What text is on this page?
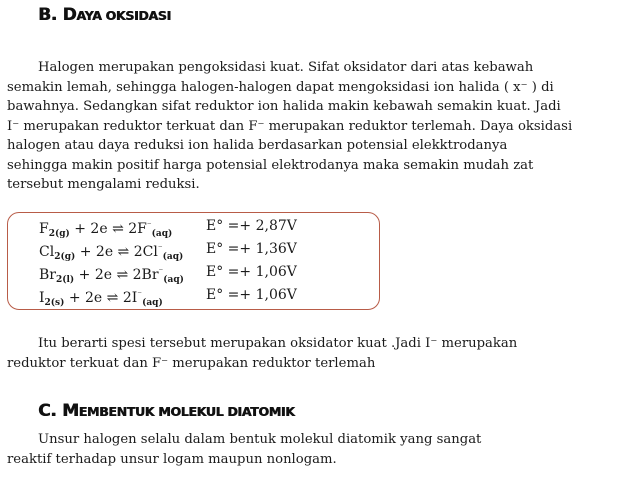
B. DAYA OKSIDASI
Halogen merupakan pengoksidasi kuat. Sifat oksidator dari atas kebawah
semakin lemah, sehingga halogen-halogen dapat mengoksidasi ion halida ( x⁻ ) di
bawahnya. Sedangkan sifat reduktor ion halida makin kebawah semakin kuat. Jadi
I⁻ merupakan reduktor terkuat dan F⁻ merupakan reduktor terlemah. Daya oksidasi
halogen atau daya reduksi ion halida berdasarkan potensial elekktrodanya
sehingga makin positif harga potensial elektrodanya maka semakin mudah zat
tersebut mengalami reduksi.
$F_{2(g)} + 2e$ ⇌ $2F^{^-}_{(aq)}$ E° =+ 2,87V
$Cl_{2(g)} + 2e$ ⇌ $2Cl^{^-}_{(aq)}$ E° =+ 1,36V
$Br_{2(l)} + 2e$ ⇌ $2Br^{^-}_{(aq)}$ E° =+ 1,06V
$I_{2(s)} + 2e$ ⇌ $2I^{^-}_{(aq)}$	E° =+ 1,06V
Itu berarti spesi tersebut merupakan oksidator kuat .Jadi I⁻ merupakan
reduktor terkuat dan F⁻ merupakan reduktor terlemah
C. MEMBENTUK MOLEKUL DIATOMIK
Unsur halogen selalu dalam bentuk molekul diatomik yang sangat
reaktif terhadap unsur logam maupun nonlogam.
